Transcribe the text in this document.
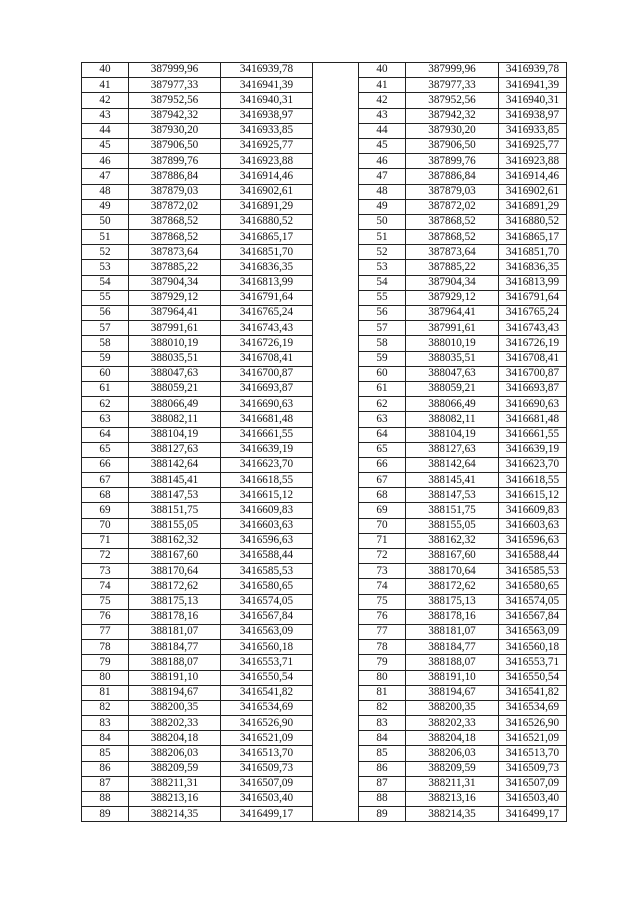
40	387999,96	3416939,78		40	387999,96	3416939,78
41	387977,33	3416941,39		41	387977,33	3416941,39
42	387952,56	3416940,31		42	387952,56	3416940,31
43	387942,32	3416938,97		43	387942,32	3416938,97
44	387930,20	3416933,85		44	387930,20	3416933,85
45	387906,50	3416925,77		45	387906,50	3416925,77
46	387899,76	3416923,88		46	387899,76	3416923,88
47	387886,84	3416914,46		47	387886,84	3416914,46
48	387879,03	3416902,61		48	387879,03	3416902,61
49	387872,02	3416891,29		49	387872,02	3416891,29
50	387868,52	3416880,52		50	387868,52	3416880,52
51	387868,52	3416865,17		51	387868,52	3416865,17
52	387873,64	3416851,70		52	387873,64	3416851,70
53	387885,22	3416836,35		53	387885,22	3416836,35
54	387904,34	3416813,99		54	387904,34	3416813,99
55	387929,12	3416791,64		55	387929,12	3416791,64
56	387964,41	3416765,24		56	387964,41	3416765,24
57	387991,61	3416743,43		57	387991,61	3416743,43
58	388010,19	3416726,19		58	388010,19	3416726,19
59	388035,51	3416708,41		59	388035,51	3416708,41
60	388047,63	3416700,87		60	388047,63	3416700,87
61	388059,21	3416693,87		61	388059,21	3416693,87
62	388066,49	3416690,63		62	388066,49	3416690,63
63	388082,11	3416681,48		63	388082,11	3416681,48
64	388104,19	3416661,55		64	388104,19	3416661,55
65	388127,63	3416639,19		65	388127,63	3416639,19
66	388142,64	3416623,70		66	388142,64	3416623,70
67	388145,41	3416618,55		67	388145,41	3416618,55
68	388147,53	3416615,12		68	388147,53	3416615,12
69	388151,75	3416609,83		69	388151,75	3416609,83
70	388155,05	3416603,63		70	388155,05	3416603,63
71	388162,32	3416596,63		71	388162,32	3416596,63
72	388167,60	3416588,44		72	388167,60	3416588,44
73	388170,64	3416585,53		73	388170,64	3416585,53
74	388172,62	3416580,65		74	388172,62	3416580,65
75	388175,13	3416574,05		75	388175,13	3416574,05
76	388178,16	3416567,84		76	388178,16	3416567,84
77	388181,07	3416563,09		77	388181,07	3416563,09
78	388184,77	3416560,18		78	388184,77	3416560,18
79	388188,07	3416553,71		79	388188,07	3416553,71
80	388191,10	3416550,54		80	388191,10	3416550,54
81	388194,67	3416541,82		81	388194,67	3416541,82
82	388200,35	3416534,69		82	388200,35	3416534,69
83	388202,33	3416526,90		83	388202,33	3416526,90
84	388204,18	3416521,09		84	388204,18	3416521,09
85	388206,03	3416513,70		85	388206,03	3416513,70
86	388209,59	3416509,73		86	388209,59	3416509,73
87	388211,31	3416507,09		87	388211,31	3416507,09
88	388213,16	3416503,40		88	388213,16	3416503,40
89	388214,35	3416499,17		89	388214,35	3416499,17
